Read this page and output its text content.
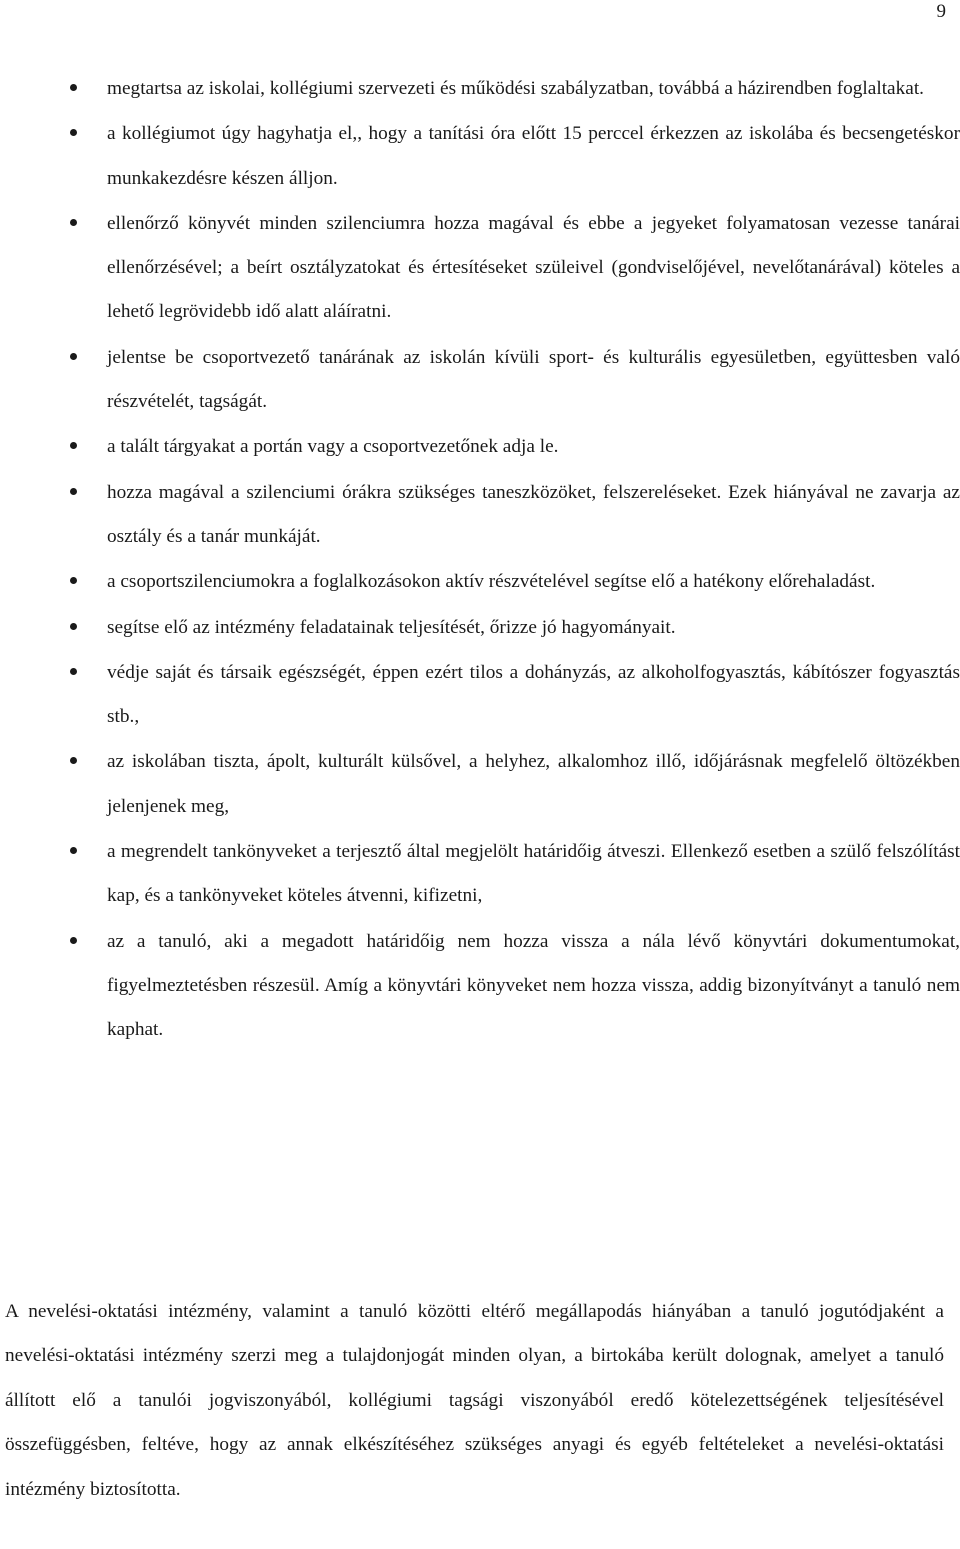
9
megtartsa az iskolai, kollégiumi szervezeti és működési szabályzatban, továbbá a házirendben foglaltakat.
a kollégiumot úgy hagyhatja el,, hogy a tanítási óra előtt 15 perccel érkezzen az iskolába és becsengetéskor munkakezdésre készen álljon.
ellenőrző könyvét minden szilenciumra hozza magával és ebbe a jegyeket folyamatosan vezesse tanárai ellenőrzésével; a beírt osztályzatokat és értesítéseket szüleivel (gondviselőjével, nevelőtanárával) köteles a lehető legrövidebb idő alatt aláíratni.
jelentse be csoportvezető tanárának az iskolán kívüli sport- és kulturális egyesületben, együttesben való részvételét, tagságát.
a talált tárgyakat a portán vagy a csoportvezetőnek adja le.
hozza magával a szilenciumi órákra szükséges taneszközöket, felszereléseket. Ezek hiányával ne zavarja az osztály és a tanár munkáját.
a csoportszilenciumokra a foglalkozásokon aktív részvételével segítse elő a hatékony előrehaladást.
segítse elő az intézmény feladatainak teljesítését, őrizze jó hagyományait.
védje saját és társaik egészségét, éppen ezért tilos a dohányzás, az alkoholfogyasztás, kábítószer fogyasztás stb.,
az iskolában tiszta, ápolt, kulturált külsővel, a helyhez, alkalomhoz illő, időjárásnak megfelelő öltözékben jelenjenek meg,
a megrendelt tankönyveket a terjesztő által megjelölt határidőig átveszi. Ellenkező esetben a szülő felszólítást kap, és a tankönyveket köteles átvenni, kifizetni,
az a tanuló, aki a megadott határidőig nem hozza vissza a nála lévő könyvtári dokumentumokat, figyelmeztetésben részesül. Amíg a könyvtári könyveket nem hozza vissza, addig bizonyítványt a tanuló nem kaphat.

A nevelési-oktatási intézmény, valamint a tanuló közötti eltérő megállapodás hiányában a tanuló jogutódjaként a nevelési-oktatási intézmény szerzi meg a tulajdonjogát minden olyan, a birtokába került dolognak, amelyet a tanuló állított elő a tanulói jogviszonyából, kollégiumi tagsági viszonyából eredő kötelezettségének teljesítésével összefüggésben, feltéve, hogy az annak elkészítéséhez szükséges anyagi és egyéb feltételeket a nevelési-oktatási intézmény biztosította.
